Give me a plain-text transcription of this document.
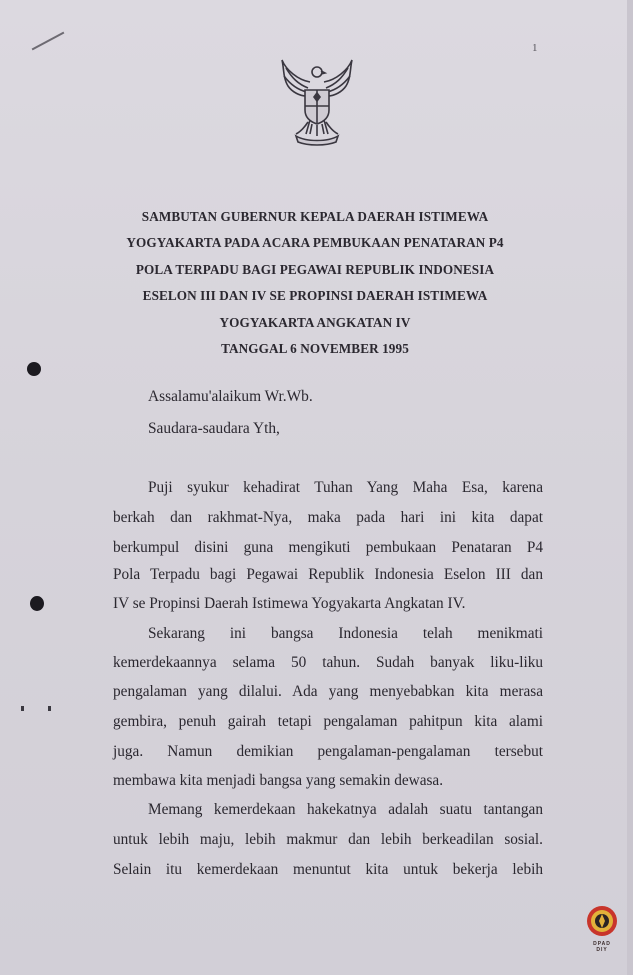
1
SAMBUTAN GUBERNUR KEPALA DAERAH ISTIMEWA
YOGYAKARTA PADA ACARA PEMBUKAAN PENATARAN P4
POLA TERPADU BAGI PEGAWAI REPUBLIK INDONESIA
ESELON III DAN IV SE PROPINSI DAERAH ISTIMEWA
YOGYAKARTA ANGKATAN IV
TANGGAL 6 NOVEMBER 1995
Assalamu'alaikum Wr.Wb.
Saudara-saudara Yth,
Puji syukur kehadirat Tuhan Yang Maha Esa, karena
berkah dan rakhmat-Nya, maka pada hari ini kita dapat
berkumpul disini guna mengikuti pembukaan Penataran P4
Pola Terpadu bagi Pegawai Republik Indonesia Eselon III dan
IV se Propinsi Daerah Istimewa Yogyakarta Angkatan IV.
Sekarang ini bangsa Indonesia telah menikmati
kemerdekaannya selama 50 tahun. Sudah banyak liku-liku
pengalaman yang dilalui. Ada yang menyebabkan kita merasa
gembira, penuh gairah tetapi pengalaman pahitpun kita alami
juga. Namun demikian pengalaman-pengalaman tersebut
membawa kita menjadi bangsa yang semakin dewasa.
Memang kemerdekaan hakekatnya adalah suatu tantangan
untuk lebih maju, lebih makmur dan lebih berkeadilan sosial.
Selain itu kemerdekaan menuntut kita untuk bekerja lebih
DPAD
DIY
